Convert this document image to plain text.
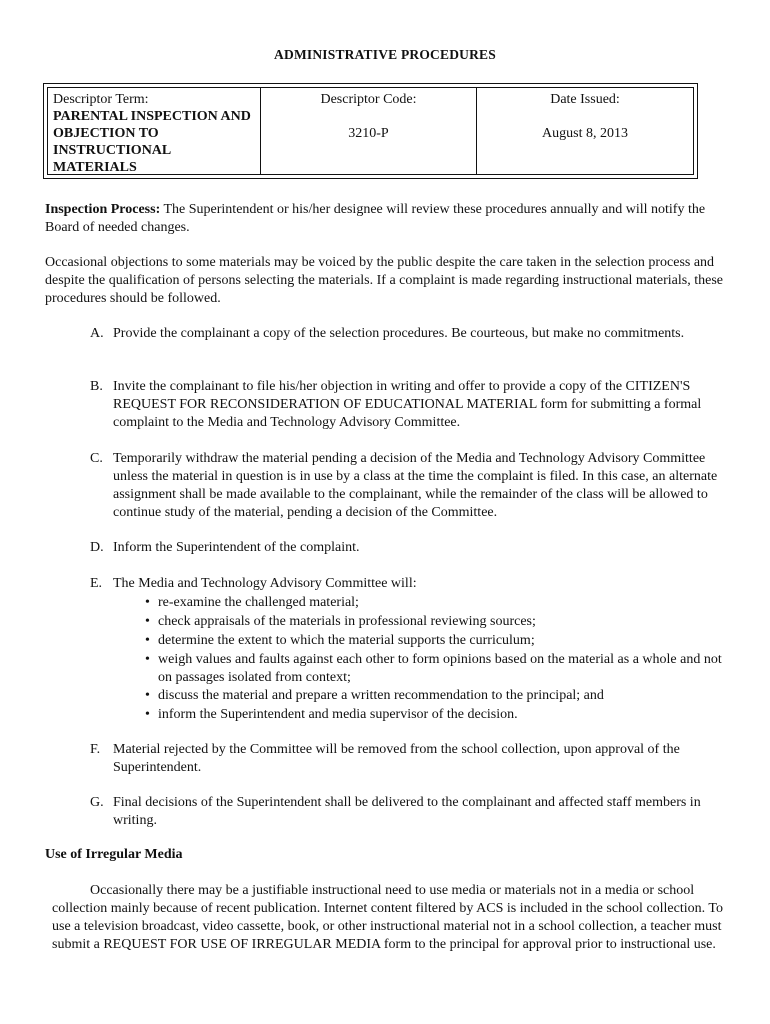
ADMINISTRATIVE PROCEDURES
Descriptor Term:
PARENTAL INSPECTION AND OBJECTION TO INSTRUCTIONAL MATERIALS
Descriptor Code:
3210-P
Date Issued:
August 8, 2013
Inspection Process: The Superintendent or his/her designee will review these procedures annually and will notify the Board of needed changes.
Occasional objections to some materials may be voiced by the public despite the care taken in the selection process and despite the qualification of persons selecting the materials. If a complaint is made regarding instructional materials, these procedures should be followed.
A. Provide the complainant a copy of the selection procedures. Be courteous, but make no commitments.
B. Invite the complainant to file his/her objection in writing and offer to provide a copy of the CITIZEN'S REQUEST FOR RECONSIDERATION OF EDUCATIONAL MATERIAL form for submitting a formal complaint to the Media and Technology Advisory Committee.
C. Temporarily withdraw the material pending a decision of the Media and Technology Advisory Committee unless the material in question is in use by a class at the time the complaint is filed. In this case, an alternate assignment shall be made available to the complainant, while the remainder of the class will be allowed to continue study of the material, pending a decision of the Committee.
D. Inform the Superintendent of the complaint.
E. The Media and Technology Advisory Committee will:
• re-examine the challenged material;
• check appraisals of the materials in professional reviewing sources;
• determine the extent to which the material supports the curriculum;
• weigh values and faults against each other to form opinions based on the material as a whole and not on passages isolated from context;
• discuss the material and prepare a written recommendation to the principal; and
• inform the Superintendent and media supervisor of the decision.
F. Material rejected by the Committee will be removed from the school collection, upon approval of the Superintendent.
G. Final decisions of the Superintendent shall be delivered to the complainant and affected staff members in writing.
Use of Irregular Media
Occasionally there may be a justifiable instructional need to use media or materials not in a media or school collection mainly because of recent publication. Internet content filtered by ACS is included in the school collection. To use a television broadcast, video cassette, book, or other instructional material not in a school collection, a teacher must submit a REQUEST FOR USE OF IRREGULAR MEDIA form to the principal for approval prior to instructional use.
